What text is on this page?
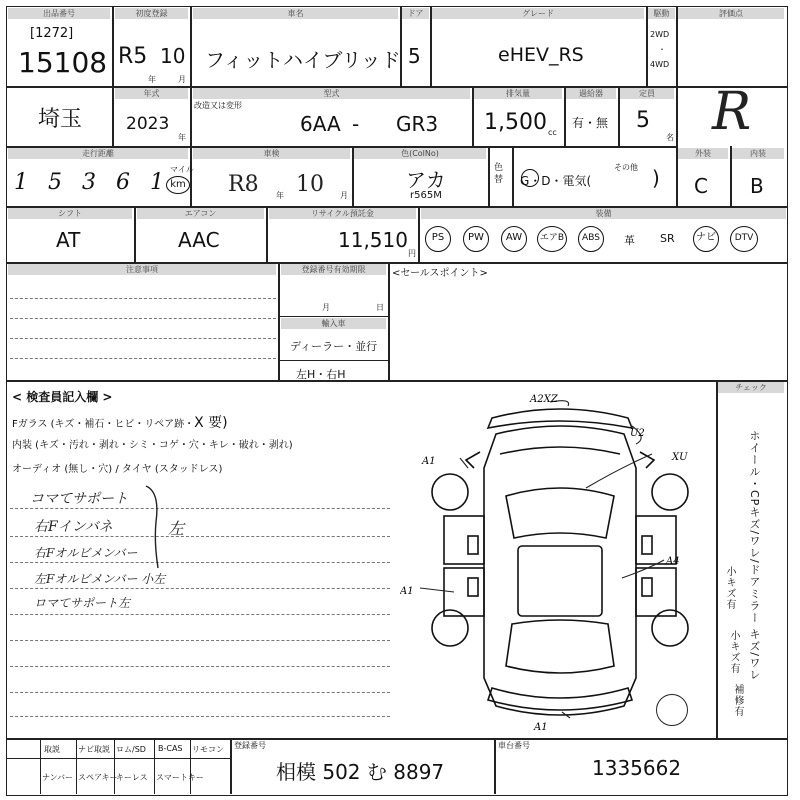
出品番号
[1272]
15108
初度登録
R5 10
年	月
車名
フィットハイブリッド
ドア
5
グレード
eHEV_RS
駆動
2WD
・
4WD
評価点
R
埼玉
年式
2023
年
型式
改造又は変形
6AA - GR3
排気量
1,500 cc
過給器
有・無
定員
5
名
走行距離
1 5 3 6 1
マイル
km
車検
R8 年 10 月
色(ColNo)
アカ
r565M
色替 G・D・電気(
その他 )
外装
C
内装
B
シフト
AT
エアコン
AAC
リサイクル預託金
11,510
円
装備
PS	PW	AW	エアB	ABS	革 SR	ナビ	DTV
注意事項	登録番号有効期限
月	日
輸入車
ディーラー・並行
左H・右H
<セールスポイント>
< 検査員記入欄 >
Fガラス (キズ・補石・ヒビ・リペア跡・X 要)
内装 (キズ・汚れ・剥れ・シミ・コゲ・穴・キレ・破れ・剥れ)
オーディオ (無し・穴) / タイヤ (スタッドレス)
コマてサポート
右Fインバネ
右Fオルビメンバー
左Fオルビメンバー 小左
ロマてサポート左
左
A2XZ
U2
A1	XU
A1
A4
A1
チェック
ホイール・CPキズ/ワレ/ドアミラー キズ/ワレ
小キズ有
小キズ有
補修有
取説 ナビ取説 ロム/SD B-CAS リモコン
ナンバー スペアキー
キーレス スマートキー
登録番号
相模 502 む 8897
車台番号
1335662
